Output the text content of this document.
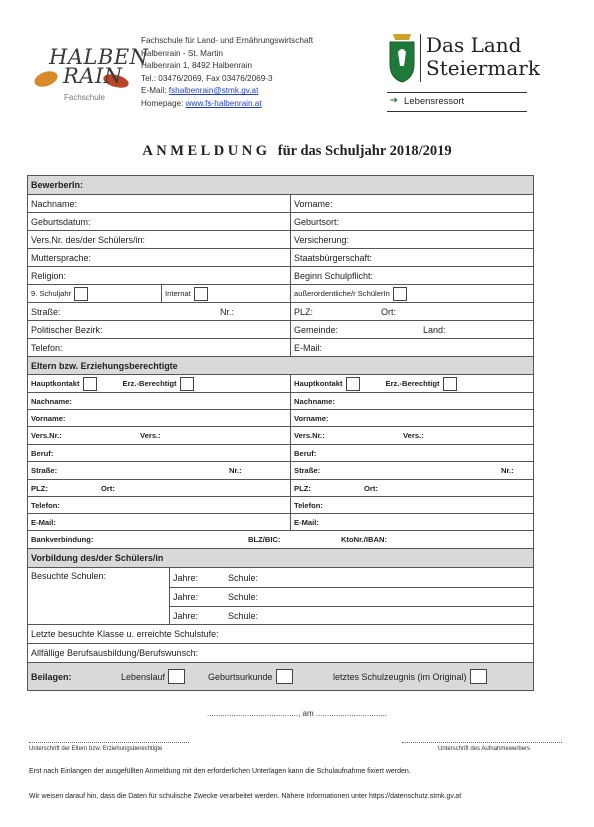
HALBEN
RAIN
Fachschule
Fachschule für Land- und Ernährungswirtschaft
Halbenrain - St. Martin
Halbenrain 1, 8492 Halbenrain
Tel.: 03476/2069, Fax 03476/2069-3
E-Mail: fshalbenrain@stmk.gv.at
Homepage: www.fs-halbenrain.at
Das Land
Steiermark
➔ Lebensressort
ANMELDUNG für das Schuljahr 2018/2019
BewerberIn:
Nachname:	Vorname:
Geburtsdatum:	Geburtsort:
Vers.Nr. des/der Schülers/in:	Versicherung:
Muttersprache:	Staatsbürgerschaft:
Religion:	Beginn Schulpflicht:
9. Schuljahr	Internat	außerordentliche/r SchülerIn
Straße:	Nr.:	PLZ:	Ort:
Politischer Bezirk:	Gemeinde:	Land:
Telefon:	E-Mail:
Eltern bzw. Erziehungsberechtigte
Hauptkontakt	Erz.-Berechtigt	Hauptkontakt	Erz.-Berechtigt
Nachname:	Nachname:
Vorname:	Vorname:
Vers.Nr.:	Vers.:	Vers.Nr.:	Vers.:
Beruf:	Beruf:
Straße:	Nr.:	Straße:	Nr.:
PLZ:	Ort:	PLZ:	Ort:
Telefon:	Telefon:
E-Mail:	E-Mail:
Bankverbindung:	BLZ/BIC:	KtoNr./IBAN:
Vorbildung des/der Schülers/in
Besuchte Schulen:	Jahre:	Schule:
Jahre:	Schule:
Jahre:	Schule:
Letzte besuchte Klasse u. erreichte Schulstufe:
Allfällige Berufsausbildung/Berufswunsch:
Beilagen:	Lebenslauf	Geburtsurkunde	letztes Schulzeugnis (im Original)
........................................., am ................................
Unterschrift der Eltern bzw. Erziehungsberechtigte	Unterschrift des Aufnahmewerbers
Erst nach Einlangen der ausgefüllten Anmeldung mit den erforderlichen Unterlagen kann die Schulaufnahme fixiert werden.
Wir weisen darauf hin, dass die Daten für schulische Zwecke verarbeitet werden. Nähere Informationen unter https://datenschutz.stmk.gv.at
